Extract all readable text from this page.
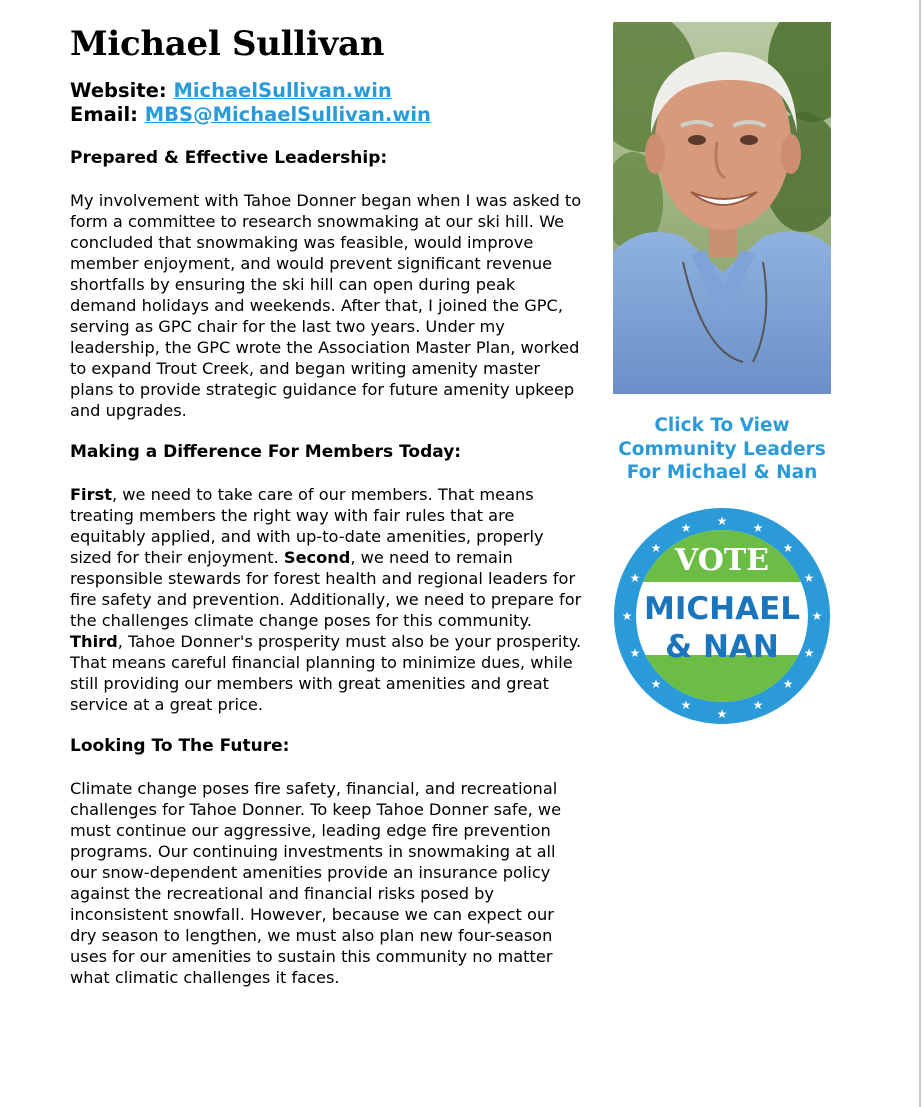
Michael Sullivan
Website: MichaelSullivan.win
Email: MBS@MichaelSullivan.win

Prepared & Effective Leadership:

My involvement with Tahoe Donner began when I was asked to form a committee to research snowmaking at our ski hill. We concluded that snowmaking was feasible, would improve member enjoyment, and would prevent significant revenue shortfalls by ensuring the ski hill can open during peak demand holidays and weekends. After that, I joined the GPC, serving as GPC chair for the last two years. Under my leadership, the GPC wrote the Association Master Plan, worked to expand Trout Creek, and began writing amenity master plans to provide strategic guidance for future amenity upkeep and upgrades.

Making a Difference For Members Today:

First, we need to take care of our members. That means treating members the right way with fair rules that are equitably applied, and with up-to-date amenities, properly sized for their enjoyment. Second, we need to remain responsible stewards for forest health and regional leaders for fire safety and prevention. Additionally, we need to prepare for the challenges climate change poses for this community. Third, Tahoe Donner's prosperity must also be your prosperity. That means careful financial planning to minimize dues, while still providing our members with great amenities and great service at a great price.

Looking To The Future:

Climate change poses fire safety, financial, and recreational challenges for Tahoe Donner. To keep Tahoe Donner safe, we must continue our aggressive, leading edge fire prevention programs. Our continuing investments in snowmaking at all our snow-dependent amenities provide an insurance policy against the recreational and financial risks posed by inconsistent snowfall. However, because we can expect our dry season to lengthen, we must also plan new four-season uses for our amenities to sustain this community no matter what climatic challenges it faces.

Click To View
Community Leaders
For Michael & Nan
★ ★
★
★
★
★
★
★
★
★
★
★
★
★
★
★
VOTE
MICHAEL
& NAN
